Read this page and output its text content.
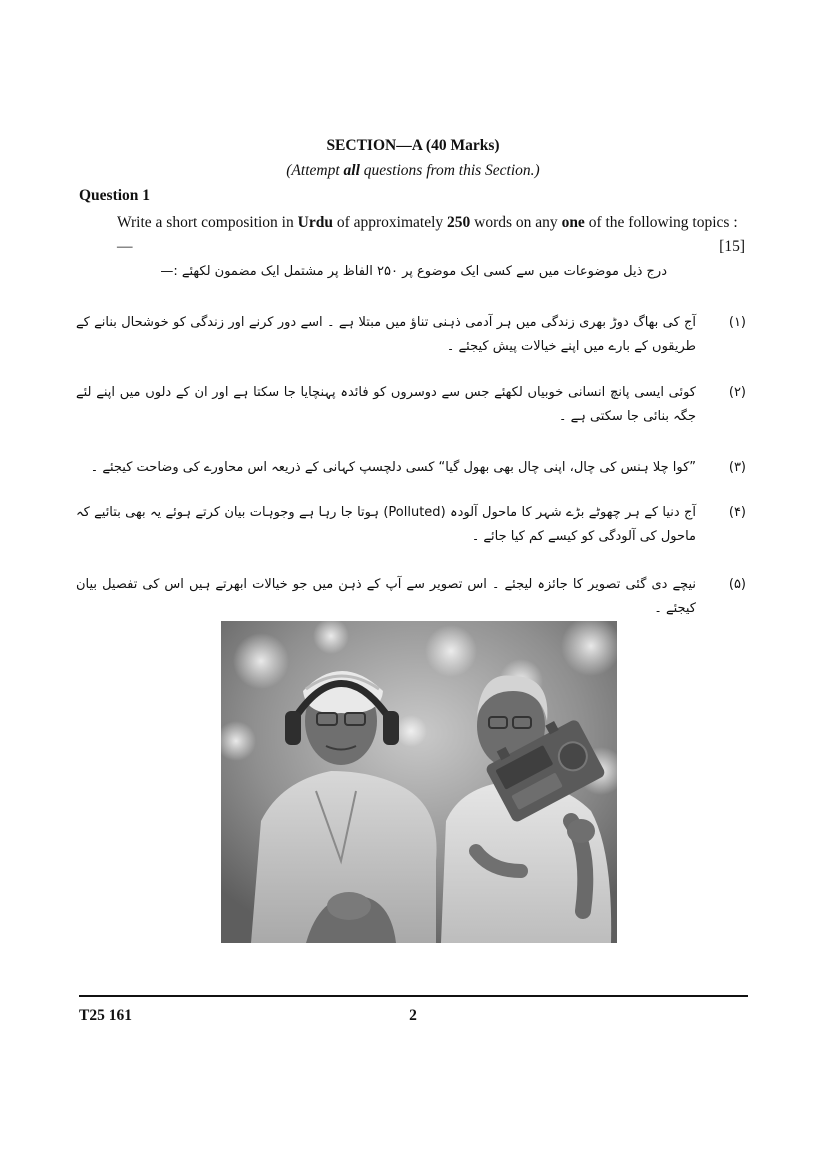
SECTION—A (40 Marks)
(Attempt all questions from this Section.)
Question 1
Write a short composition in Urdu of approximately 250 words on any one of the following topics :—	[15]
درج ذیل موضوعات میں سے کسی ایک موضوع پر ۲۵۰ الفاظ پر مشتمل ایک مضمون لکھئے :—
(۱)
آج کی بھاگ دوڑ بھری زندگی میں ہر آدمی ذہنی تناؤ میں مبتلا ہے ۔ اسے دور کرنے اور زندگی کو خوشحال بنانے کے طریقوں کے بارے میں اپنے خیالات پیش کیجئے ۔
(۲)
کوئی ایسی پانچ انسانی خوبیاں لکھئے جس سے دوسروں کو فائدہ پہنچایا جا سکتا ہے اور ان کے دلوں میں اپنے لئے جگہ بنائی جا سکتی ہے ۔
(۳)
”کوا چلا ہنس کی چال، اپنی چال بھی بھول گیا“ کسی دلچسپ کہانی کے ذریعہ اس محاورے کی وضاحت کیجئے ۔
(۴)
آج دنیا کے ہر چھوٹے بڑے شہر کا ماحول آلودہ (Polluted) ہوتا جا رہا ہے وجوہات بیان کرتے ہوئے یہ بھی بتائیے کہ ماحول کی آلودگی کو کیسے کم کیا جائے ۔
(۵)
نیچے دی گئی تصویر کا جائزہ لیجئے ۔ اس تصویر سے آپ کے ذہن میں جو خیالات ابھرتے ہیں اس کی تفصیل بیان کیجئے ۔
T25 161	2
